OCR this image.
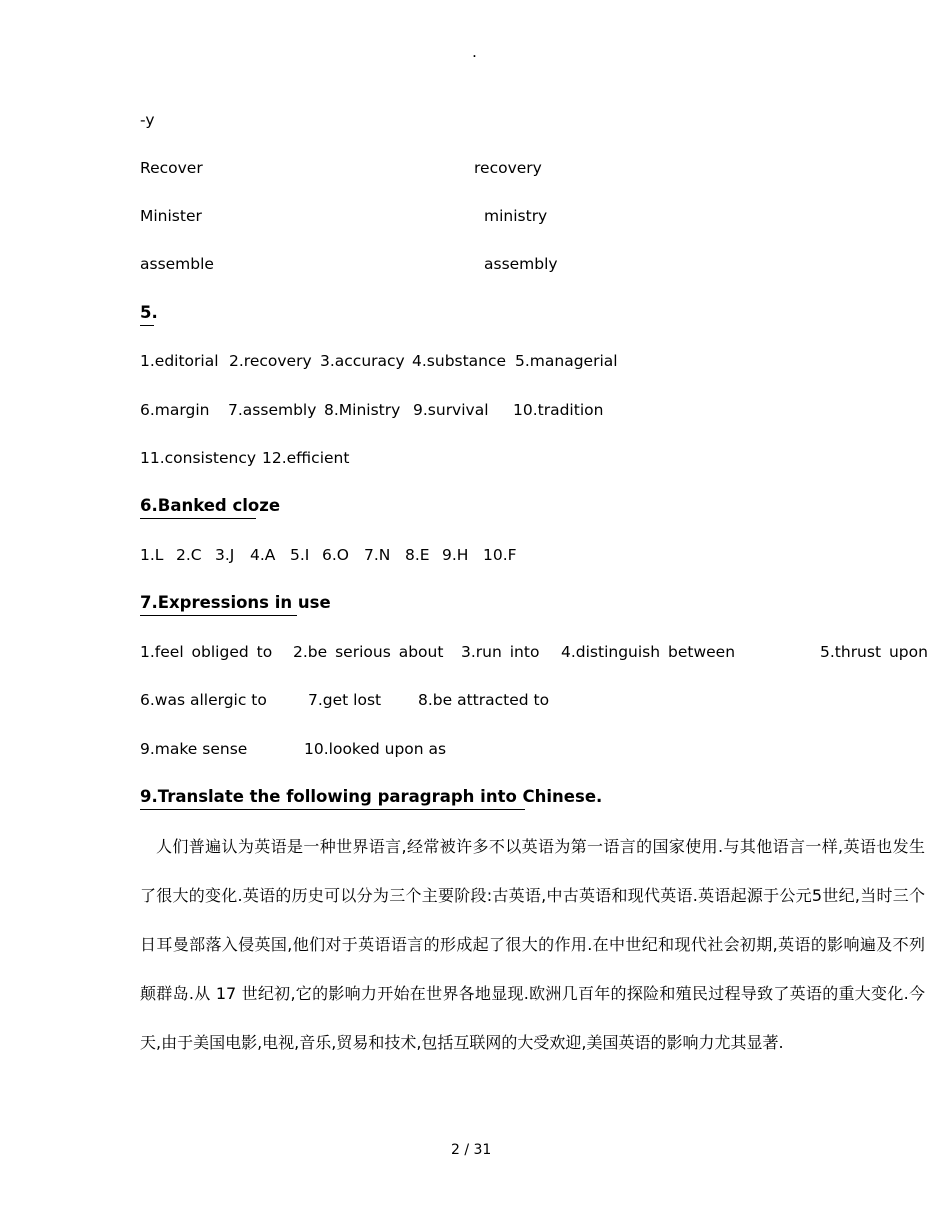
.
-y
Recover	recovery
Minister	ministry
assemble	assembly
5.
1.editorial 2.recovery 3.accuracy 4.substance 5.managerial
6.margin 7.assembly 8.Ministry 9.survival 10.tradition
11.consistency 12.efficient
6.Banked cloze
1.L 2.C 3.J 4.A 5.I 6.O 7.N 8.E 9.H 10.F
7.Expressions in use
1.feel obliged to 2.be serious about 3.run into 4.distinguish between	5.thrust upon
6.was allergic to	7.get lost 8.be attracted to
9.make sense	10.looked upon as
9.Translate the following paragraph into Chinese.
人们普遍认为英语是一种世界语言,经常被许多不以英语为第一语言的国家使用.与其他语言一样,英语也发生
了很大的变化.英语的历史可以分为三个主要阶段:古英语,中古英语和现代英语.英语起源于公元5世纪,当时三个
日耳曼部落入侵英国,他们对于英语语言的形成起了很大的作用.在中世纪和现代社会初期,英语的影响遍及不列
颠群岛.从 17 世纪初,它的影响力开始在世界各地显现.欧洲几百年的探险和殖民过程导致了英语的重大变化.今
天,由于美国电影,电视,音乐,贸易和技术,包括互联网的大受欢迎,美国英语的影响力尤其显著.
2 / 31
